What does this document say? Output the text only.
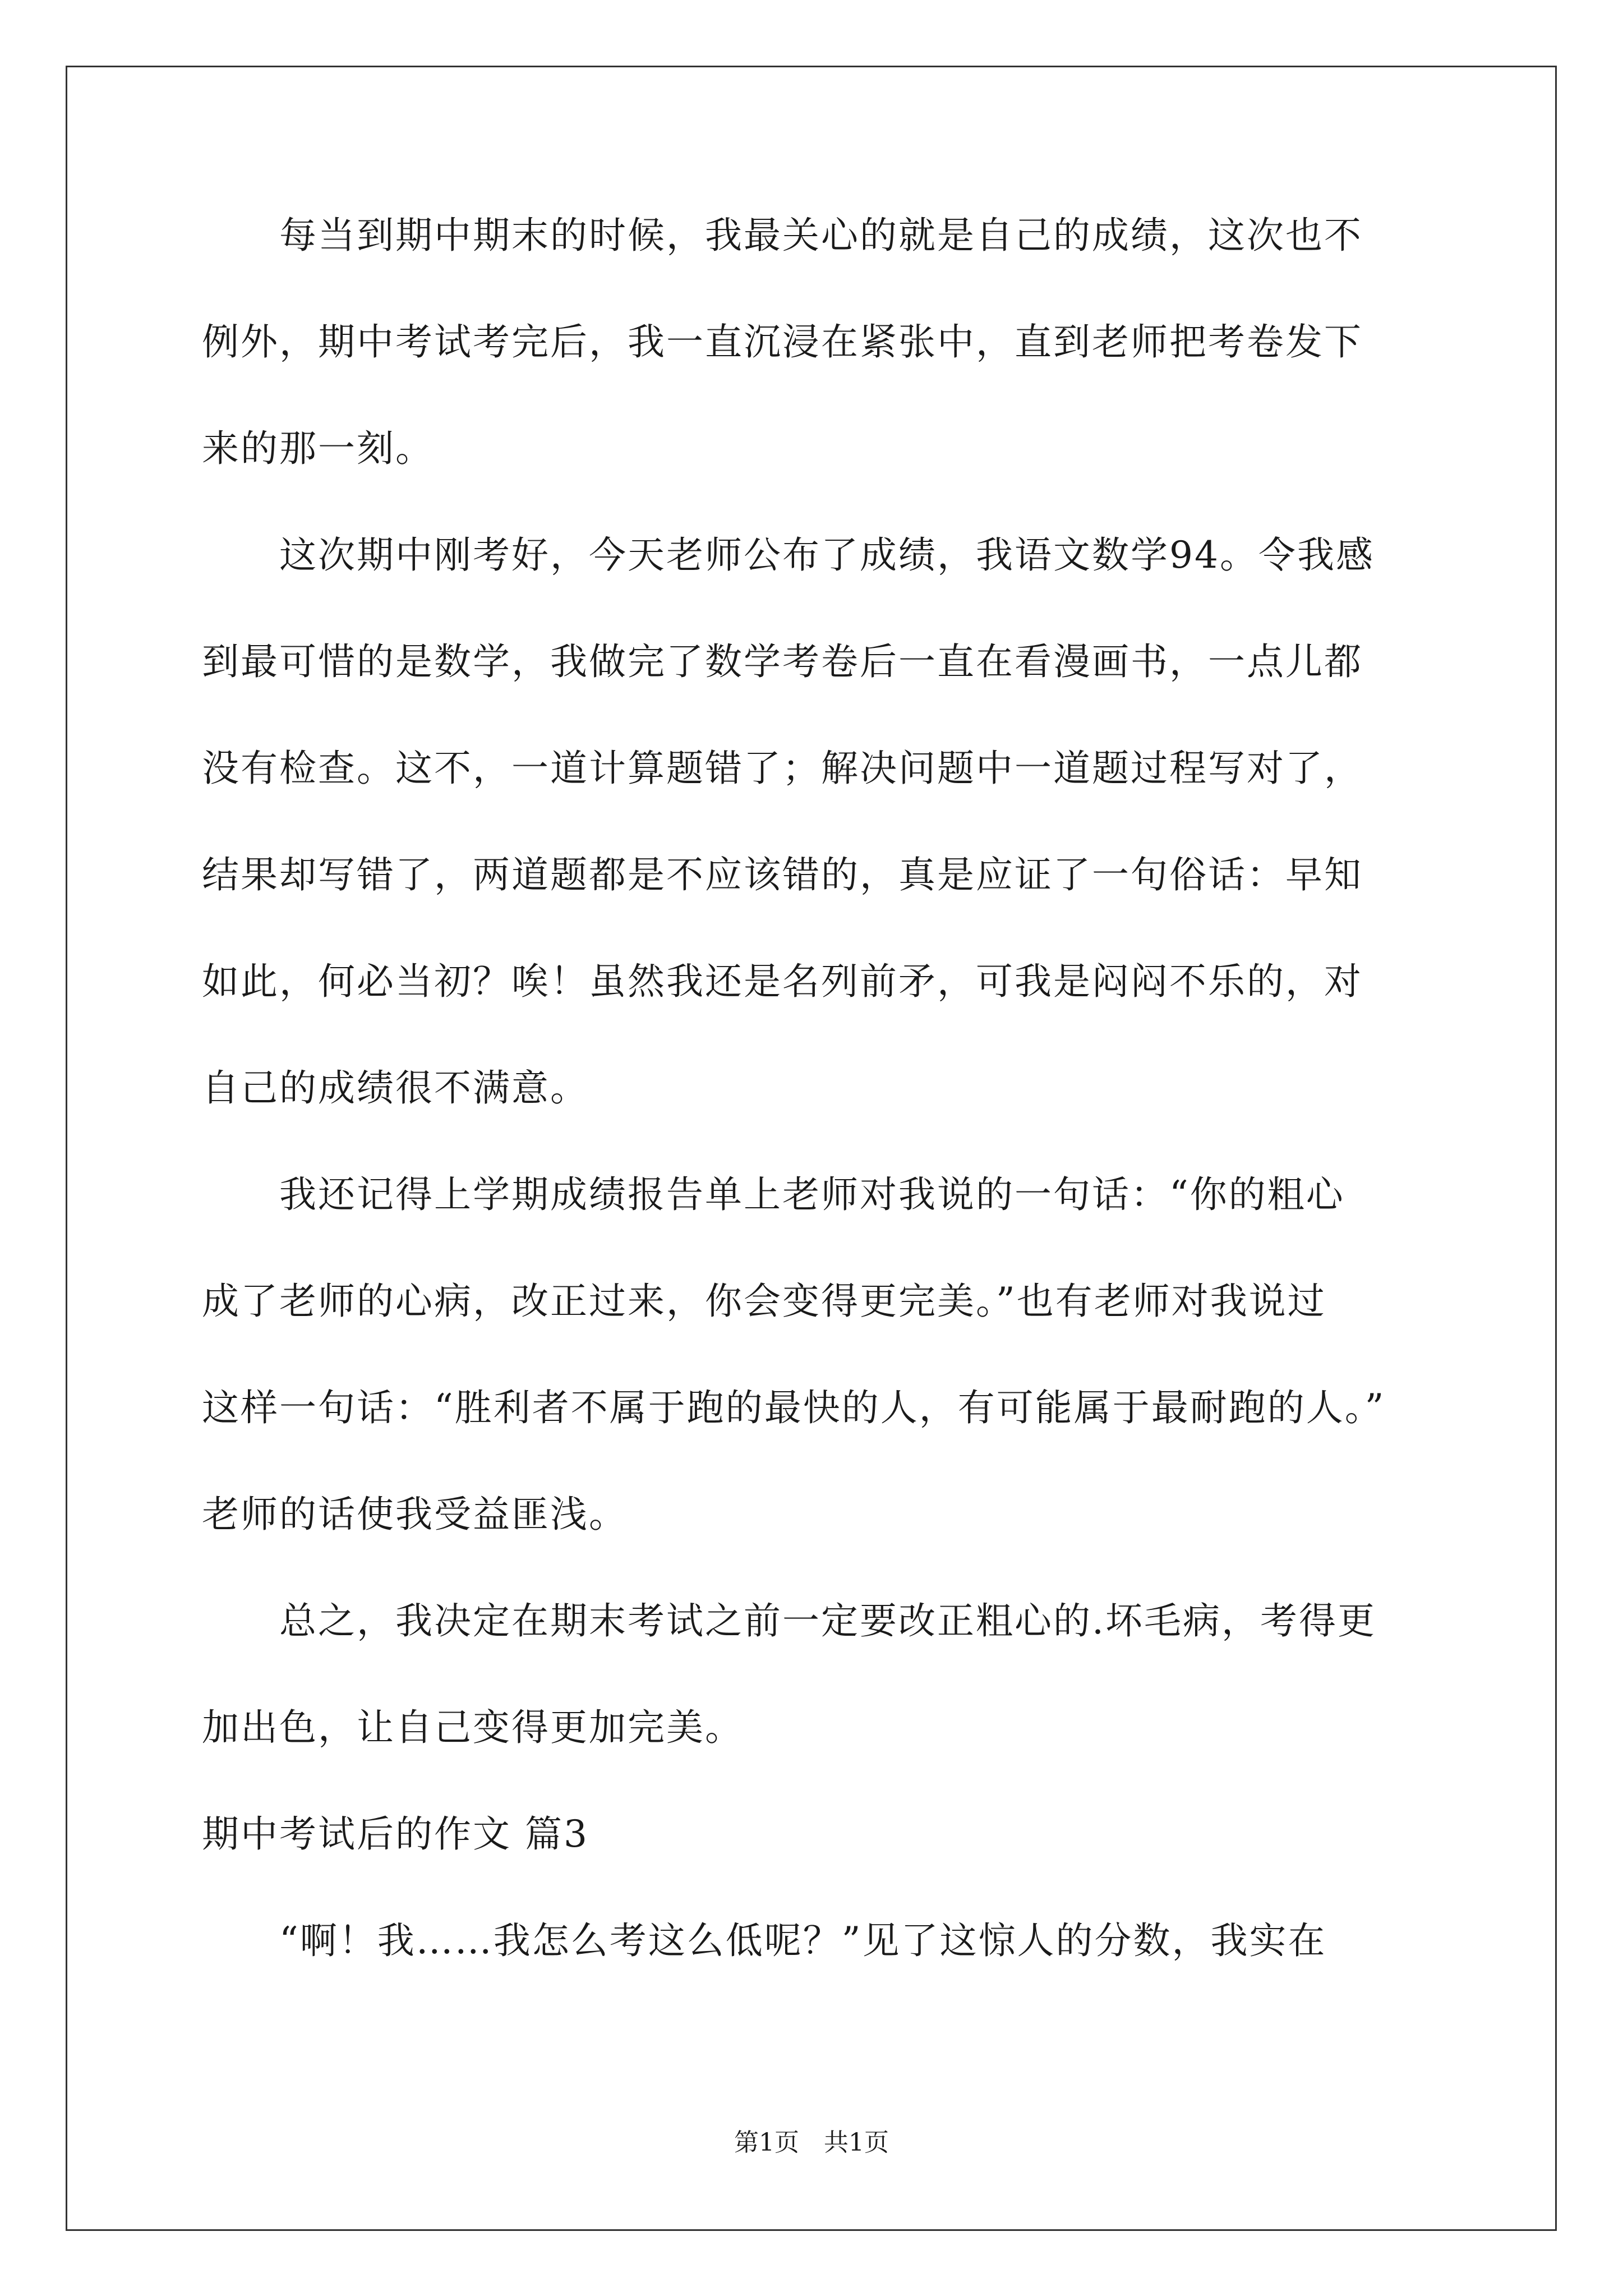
　　每当到期中期末的时候，我最关心的就是自己的成绩，这次也不
例外，期中考试考完后，我一直沉浸在紧张中，直到老师把考卷发下
来的那一刻。
　　这次期中刚考好，今天老师公布了成绩，我语文数学94。令我感
到最可惜的是数学，我做完了数学考卷后一直在看漫画书，一点儿都
没有检查。这不，一道计算题错了；解决问题中一道题过程写对了，
结果却写错了，两道题都是不应该错的，真是应证了一句俗话：早知
如此，何必当初？唉！虽然我还是名列前矛，可我是闷闷不乐的，对
自己的成绩很不满意。
　　我还记得上学期成绩报告单上老师对我说的一句话：“你的粗心
成了老师的心病，改正过来，你会变得更完美。”也有老师对我说过
这样一句话：“胜利者不属于跑的最快的人，有可能属于最耐跑的人。”
老师的话使我受益匪浅。
　　总之，我决定在期末考试之前一定要改正粗心的.坏毛病，考得更
加出色，让自己变得更加完美。
期中考试后的作文 篇3
　　“啊！我……我怎么考这么低呢？”见了这惊人的分数，我实在
第1页　共1页
